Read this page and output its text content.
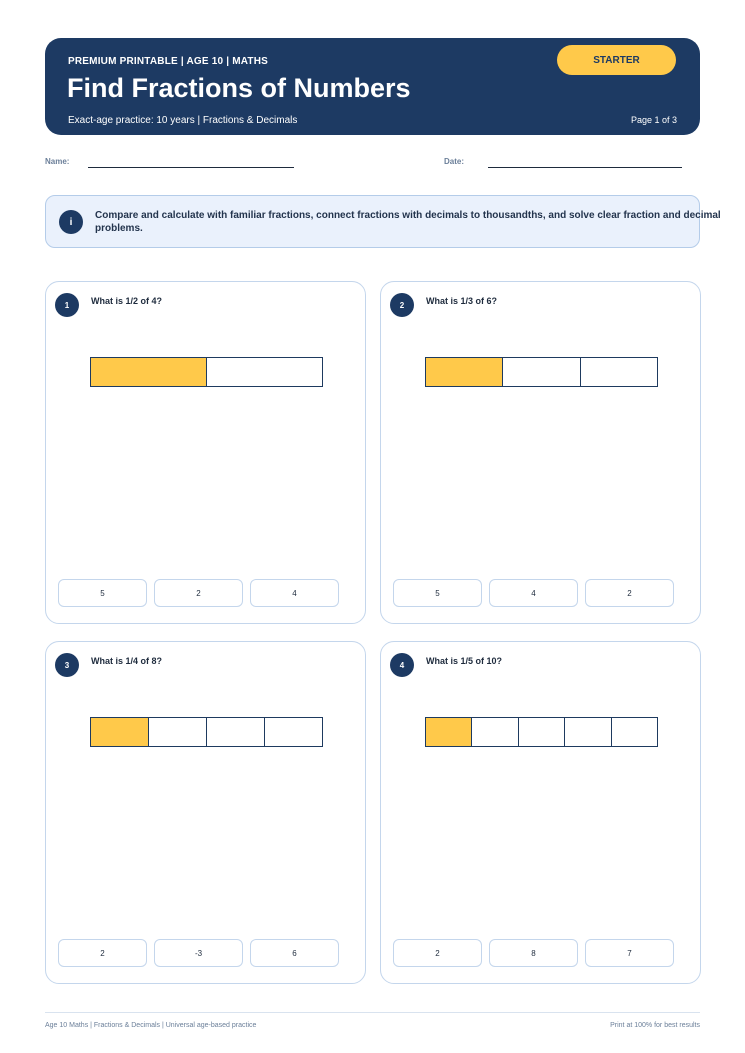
PREMIUM PRINTABLE | AGE 10 | MATHS
Find Fractions of Numbers
Exact-age practice: 10 years | Fractions & Decimals	Page 1 of 3
STARTER
Name:	Date:
i
Compare and calculate with familiar fractions, connect fractions with decimals to thousandths, and solve clear fraction and decimal problems.
1	What is 1/2 of 4?
5	2	4
2	What is 1/3 of 6?
5	4	2
3	What is 1/4 of 8?
2	-3	6
4	What is 1/5 of 10?
2	8	7
Age 10 Maths | Fractions & Decimals | Universal age-based practice	Print at 100% for best results
